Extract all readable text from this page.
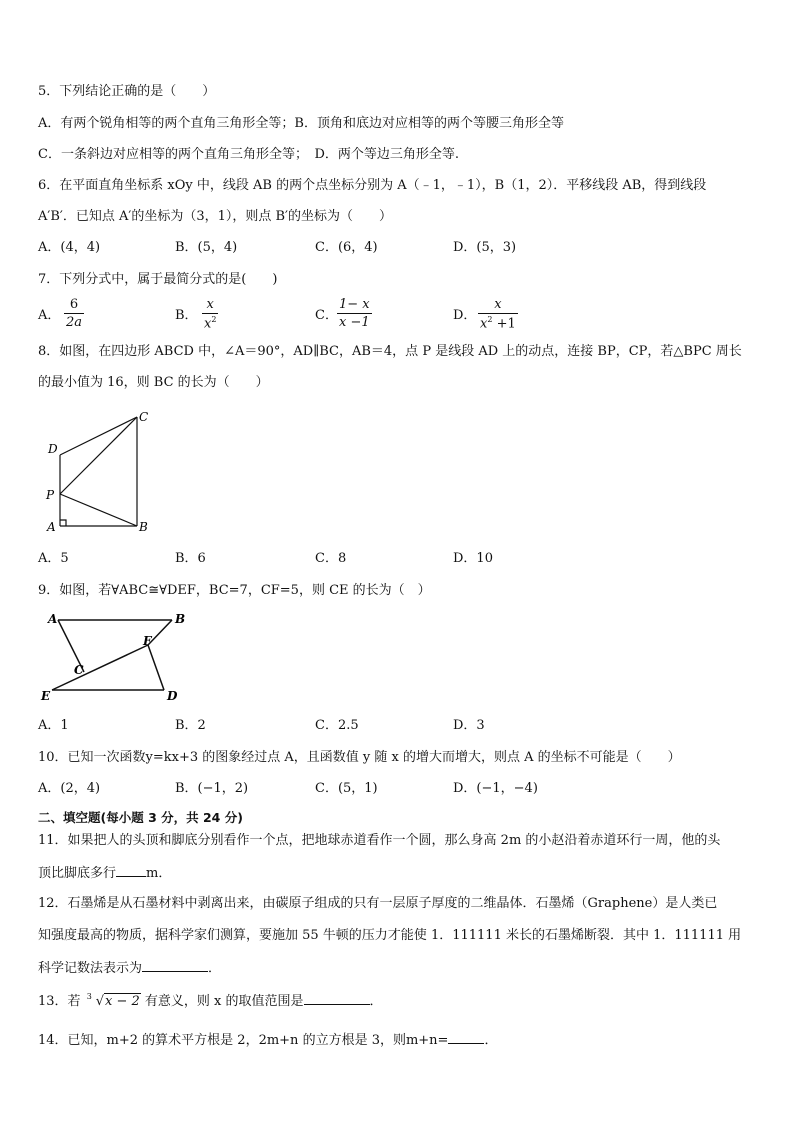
5．下列结论正确的是（　　）
A．有两个锐角相等的两个直角三角形全等；B．顶角和底边对应相等的两个等腰三角形全等
C．一条斜边对应相等的两个直角三角形全等；　D．两个等边三角形全等.
6．在平面直角坐标系 xOy 中，线段 AB 的两个点坐标分别为 A（﹣1，﹣1），B（1，2）．平移线段 AB，得到线段
A′B′．已知点 A′的坐标为（3，1），则点 B′的坐标为（　　）
A．(4，4)	B．(5，4)	C．(6，4)	D．(5，3)
7．下列分式中，属于最简分式的是(　　)
A． $\frac{6}{2a}$	B． $\frac{x}{x^2}$	C． $\frac{1- x}{x -1}$	D． $\frac{x}{x^2 +1}$
8．如图，在四边形 ABCD 中，∠A＝90°，AD∥BC，AB＝4，点 P 是线段 AD 上的动点，连接 BP，CP，若△BPC 周长
的最小值为 16，则 BC 的长为（　　）
C
D
P
A	B
A．5	B．6	C．8	D．10
9．如图，若∀ABC≅∀DEF，BC=7，CF=5，则 CE 的长为（　）
A	B
C
F
E	D
A．1	B．2	C．2.5	D．3
10．已知一次函数y=kx+3 的图象经过点 A，且函数值 y 随 x 的增大而增大，则点 A 的坐标不可能是（　　）
A．(2，4)	B．(−1，2)	C．(5，1)	D．(−1，−4)
二、填空题(每小题 3 分，共 24 分)
11．如果把人的头顶和脚底分别看作一个点，把地球赤道看作一个圆，那么身高 2m 的小赵沿着赤道环行一周，他的头
顶比脚底多行 m．
12．石墨烯是从石墨材料中剥离出来，由碳原子组成的只有一层原子厚度的二维晶体．石墨烯（Graphene）是人类已
知强度最高的物质，据科学家们测算，要施加 55 牛顿的压力才能使 1．111111 米长的石墨烯断裂．其中 1．111111 用
科学记数法表示为	．
13．若 3 √x − 2 有意义，则 x 的取值范围是	．
14．已知，m+2 的算术平方根是 2，2m+n 的立方根是 3，则m+n=	．
